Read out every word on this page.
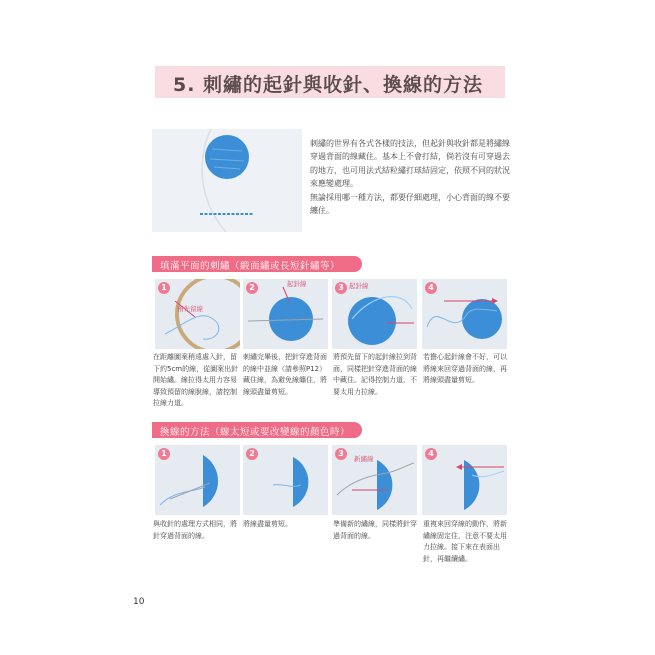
5. 刺繡的起針與收針、換線的方法

刺繡的世界有各式各樣的技法，但起針與收針都是將繡線穿過背面的線藏住。基本上不會打結，倘若沒有可穿過去的地方，也可用法式結粒繡打球結固定，依照不同的狀況來應變處理。

無論採用哪一種方法，都要仔細處理，小心背面的線不要纏住。

填滿平面的刺繡（緞面繡或長短針繡等）
1
預先留線
2	起針線	3 起針線	4
在距離圖案稍遠處入針，留下約5cm的線，從圖案出針開始繡。線拉得太用力容易導致預留的線脫線，請控制拉線力道。
刺繡完畢後，把針穿進背面的線中並線（請參照P12）藏住線，為避免線纏住，將線頭盡量剪短。
將預先留下的起針線拉到背面，同樣把針穿進背面的線中藏住。記得控制力道，不要太用力拉線。
若擔心起針線會不好，可以將線來回穿過背面的線，再將線頭盡量剪短。
換線的方法（線太短或要改變線的顏色時）
1	2	3
新繡線
4
與收針的處理方式相同，將針穿過背面的線。
將線盡量剪短。	準備新的繡線，同樣將針穿過背面的線。
重複來回穿線的動作，將新繡線固定住，注意不要太用力拉線。接下來在表面出針，再繼續繡。
10
